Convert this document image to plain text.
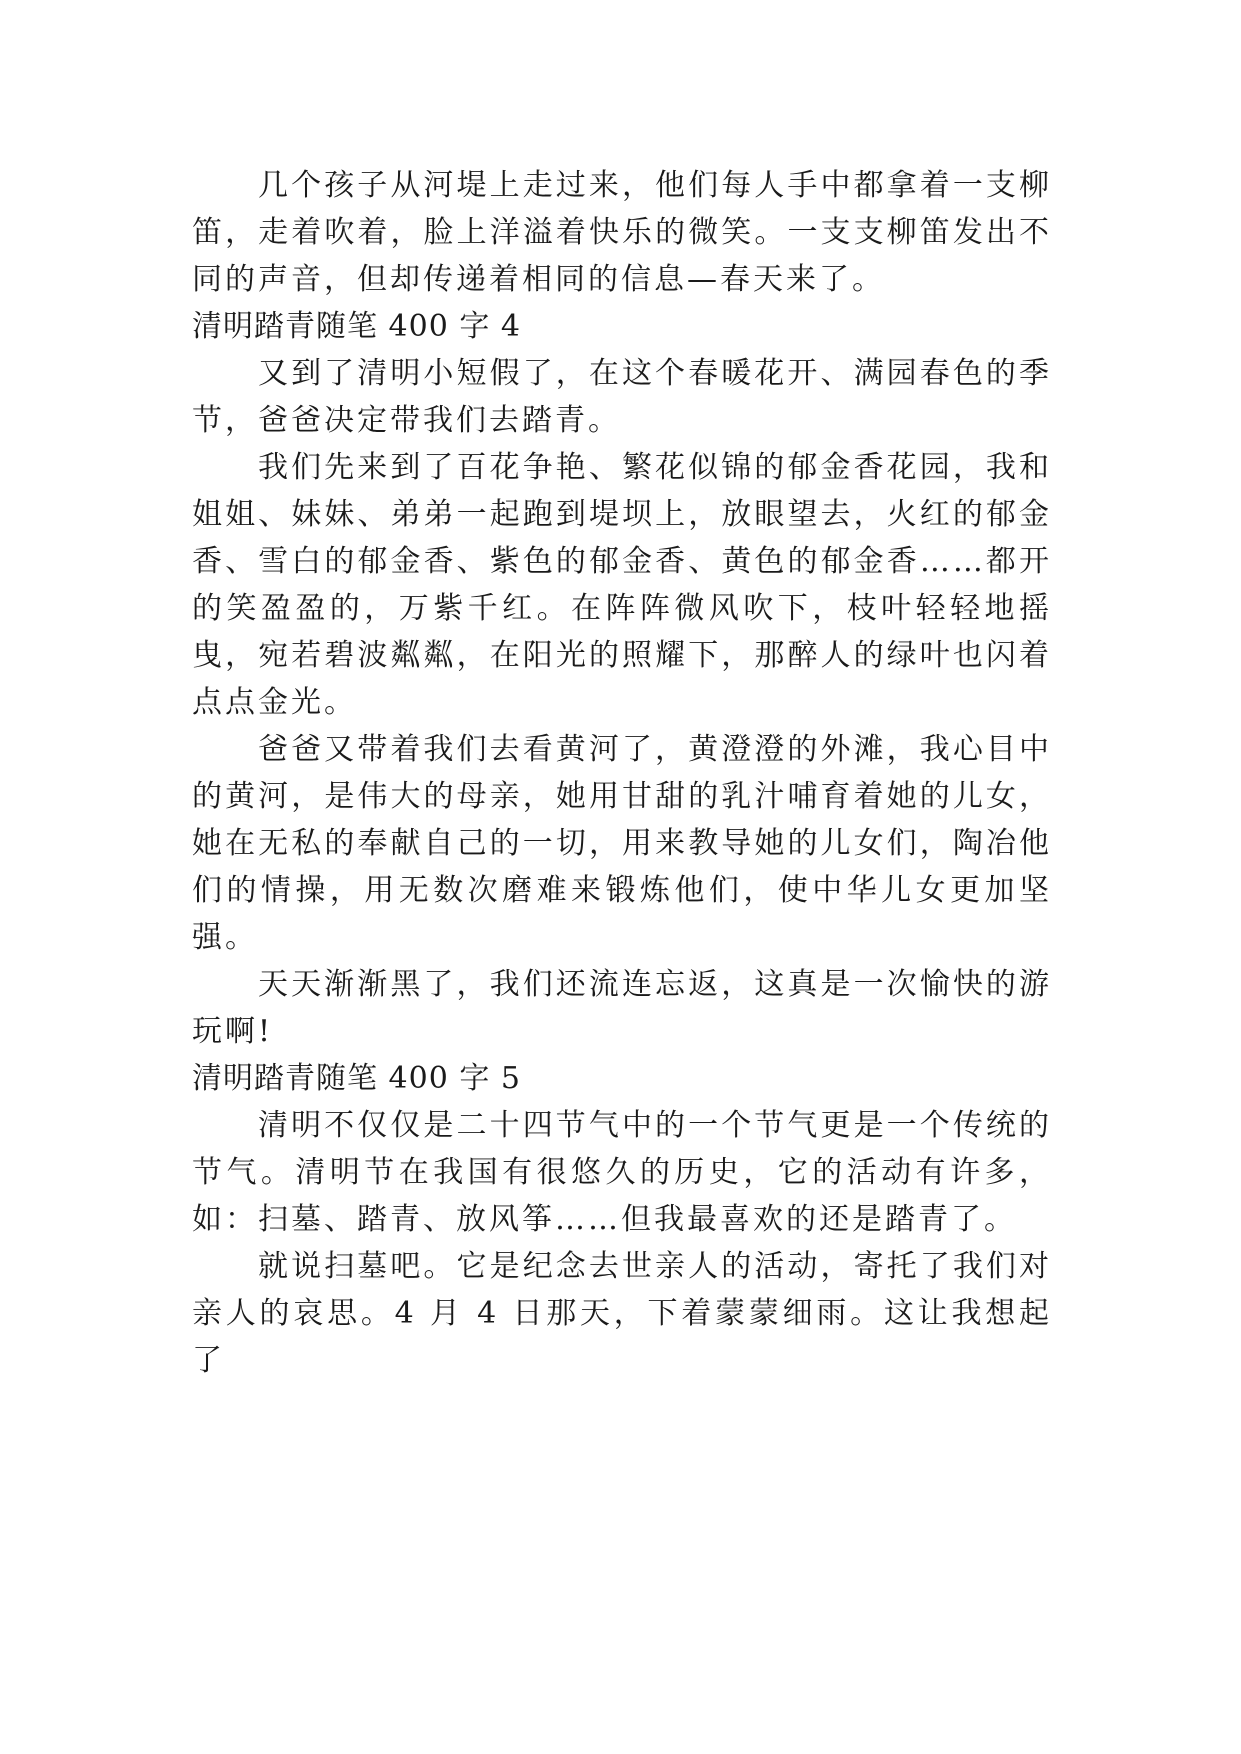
几个孩子从河堤上走过来，他们每人手中都拿着一支柳笛，走着吹着，脸上洋溢着快乐的微笑。一支支柳笛发出不同的声音，但却传递着相同的信息—春天来了。

清明踏青随笔 400 字 4

又到了清明小短假了，在这个春暖花开、满园春色的季节，爸爸决定带我们去踏青。

我们先来到了百花争艳、繁花似锦的郁金香花园，我和姐姐、妹妹、弟弟一起跑到堤坝上，放眼望去，火红的郁金香、雪白的郁金香、紫色的郁金香、黄色的郁金香……都开的笑盈盈的，万紫千红。在阵阵微风吹下，枝叶轻轻地摇曳，宛若碧波粼粼，在阳光的照耀下，那醉人的绿叶也闪着点点金光。

爸爸又带着我们去看黄河了，黄澄澄的外滩，我心目中的黄河，是伟大的母亲，她用甘甜的乳汁哺育着她的儿女，她在无私的奉献自己的一切，用来教导她的儿女们，陶冶他们的情操，用无数次磨难来锻炼他们，使中华儿女更加坚强。

天天渐渐黑了，我们还流连忘返，这真是一次愉快的游玩啊!

清明踏青随笔 400 字 5

清明不仅仅是二十四节气中的一个节气更是一个传统的节气。清明节在我国有很悠久的历史，它的活动有许多，如：扫墓、踏青、放风筝……但我最喜欢的还是踏青了。

就说扫墓吧。它是纪念去世亲人的活动，寄托了我们对亲人的哀思。4 月 4 日那天，下着蒙蒙细雨。这让我想起了
